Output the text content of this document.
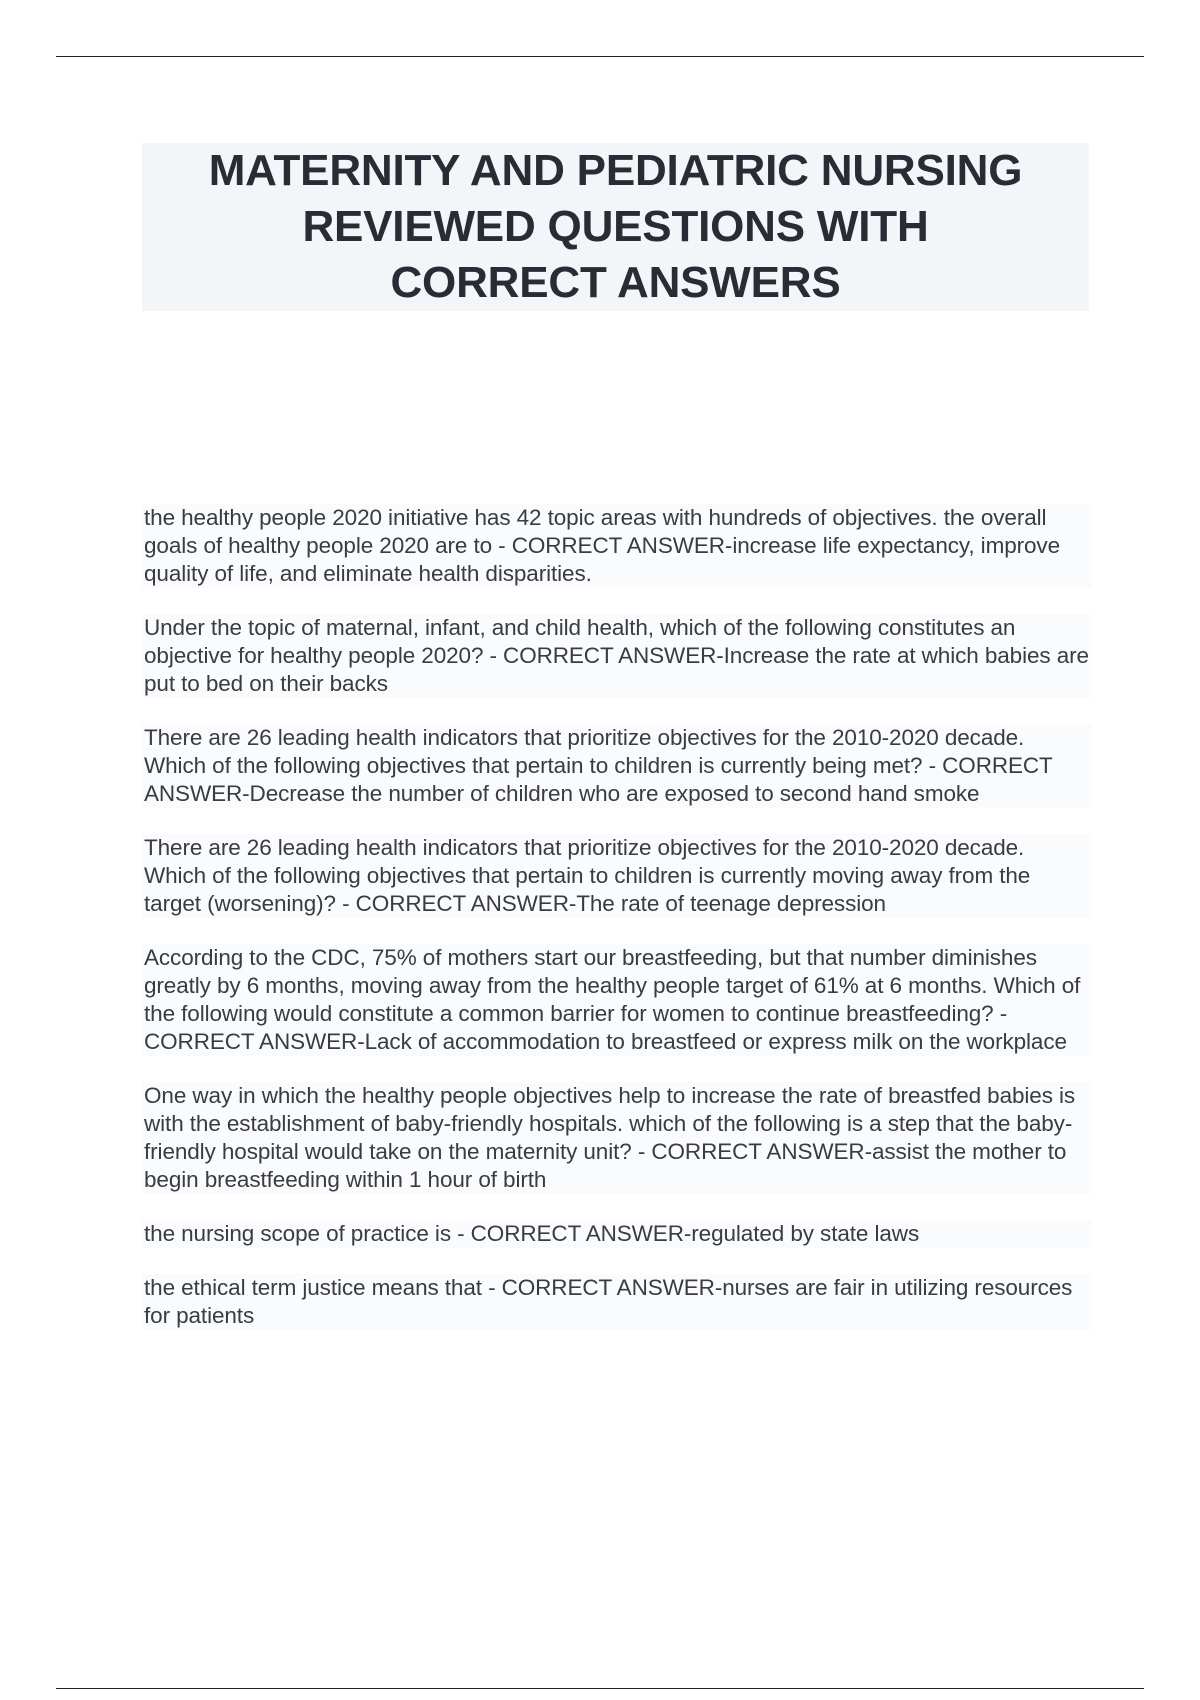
MATERNITY AND PEDIATRIC NURSING
REVIEWED QUESTIONS WITH
CORRECT ANSWERS

the healthy people 2020 initiative has 42 topic areas with hundreds of objectives. the overall goals of healthy people 2020 are to - CORRECT ANSWER-increase life expectancy, improve quality of life, and eliminate health disparities.

Under the topic of maternal, infant, and child health, which of the following constitutes an objective for healthy people 2020? - CORRECT ANSWER-Increase the rate at which babies are put to bed on their backs

There are 26 leading health indicators that prioritize objectives for the 2010-2020 decade. Which of the following objectives that pertain to children is currently being met? - CORRECT ANSWER-Decrease the number of children who are exposed to second hand smoke

There are 26 leading health indicators that prioritize objectives for the 2010-2020 decade. Which of the following objectives that pertain to children is currently moving away from the target (worsening)? - CORRECT ANSWER-The rate of teenage depression

According to the CDC, 75% of mothers start our breastfeeding, but that number diminishes greatly by 6 months, moving away from the healthy people target of 61% at 6 months. Which of the following would constitute a common barrier for women to continue breastfeeding? - CORRECT ANSWER-Lack of accommodation to breastfeed or express milk on the workplace

One way in which the healthy people objectives help to increase the rate of breastfed babies is with the establishment of baby-friendly hospitals. which of the following is a step that the baby-friendly hospital would take on the maternity unit? - CORRECT ANSWER-assist the mother to begin breastfeeding within 1 hour of birth

the nursing scope of practice is - CORRECT ANSWER-regulated by state laws

the ethical term justice means that - CORRECT ANSWER-nurses are fair in utilizing resources for patients
